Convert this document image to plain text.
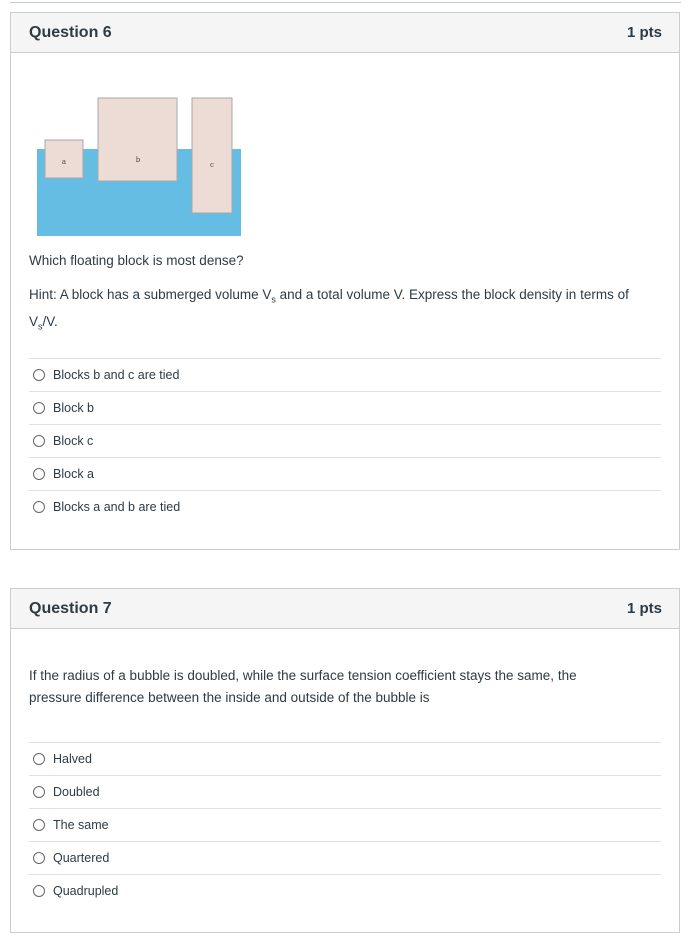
Question 6	1 pts
a	b
c

Which floating block is most dense?

Hint: A block has a submerged volume $V_s$ and a total volume V. Express the block density in terms of $V_s/V$.

Blocks b and c are tied
Block b
Block c
Block a
Blocks a and b are tied
Question 7	1 pts

If the radius of a bubble is doubled, while the surface tension coefficient stays the same, the

pressure difference between the inside and outside of the bubble is

Halved
Doubled
The same
Quartered
Quadrupled
